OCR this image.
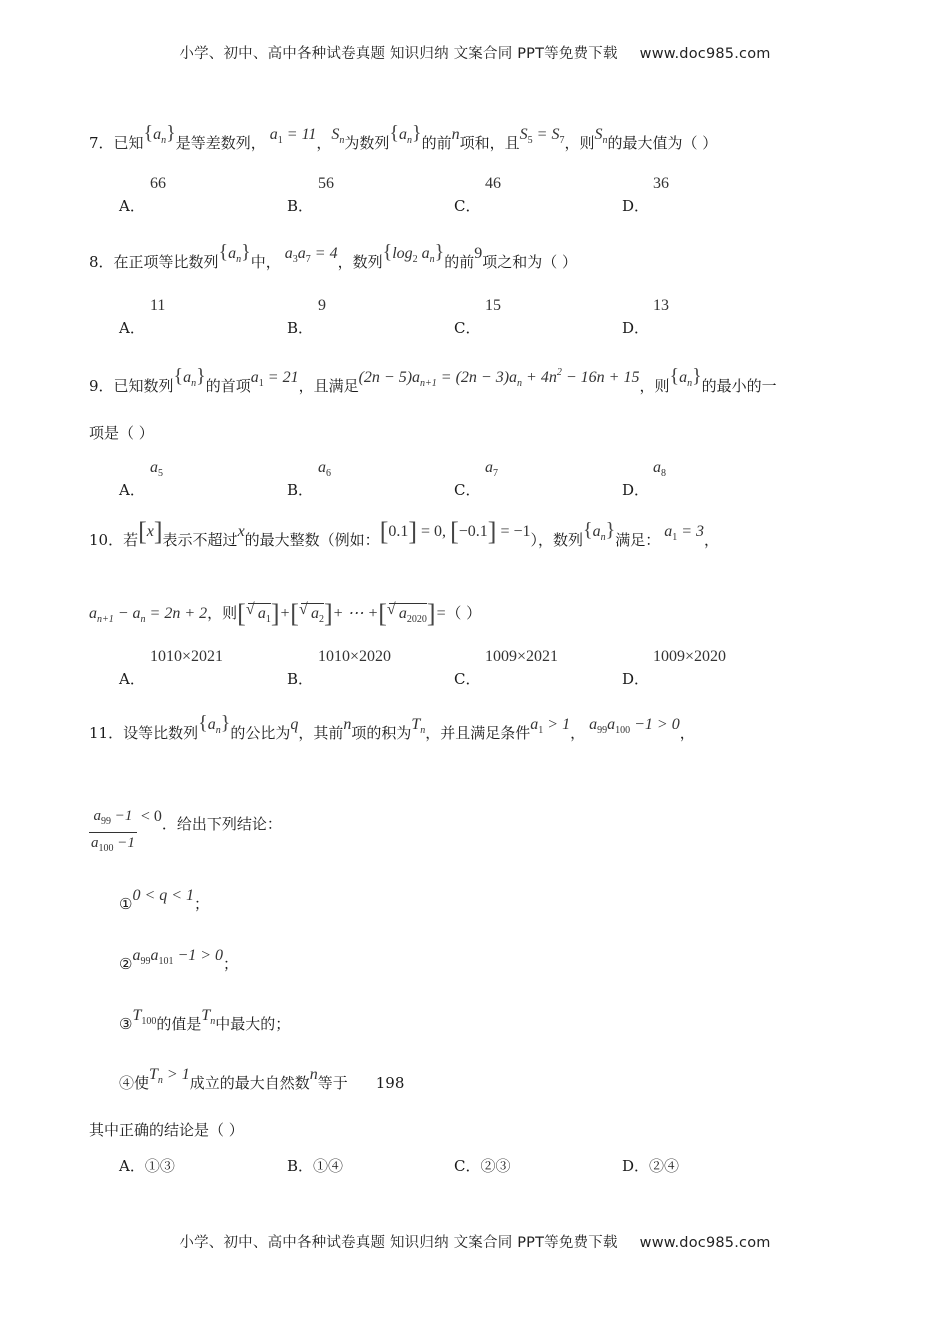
小学、初中、高中各种试卷真题 知识归纳 文案合同 PPT等免费下载 www.doc985.com
7．已知$\{a_n\}$是等差数列， $a_1 = 11$，$S_n$为数列$\{a_n\}$的前n项和，且$S_5 = S_7$，则$S_n$的最大值为（ ）
A．
66
B．
56
C．
46
D．
36
8．在正项等比数列$\{a_n\}$中， $a_3a_7 = 4$，数列{$\log_2$ $a_n$}的前9项之和为（ ）
A．
11
B．
9
C．
15
D．
13
9．已知数列$\{a_n\}$的首项$a_1 = 21$，且满足$(2n - 5)a_{n+1} = (2n - 3)a_n + 4n^2 - 16n + 15$，则$\{a_n\}$的最小的一
项是（ ）
A．
$a_5$
B．
$a_6$
C．
$a_7$
D．
$a_8$
10．若[x]表示不超过x的最大整数（例如：[0.1] = 0, [−0.1] = −1），数列$\{a_n\}$满足： $a_1 = 3$，
$a_{n+1} - a_n = 2n + 2$，则[√ $a_1]+[√$ $a_2]+$ ⋯ +[√ $a_{2020}]=$（ ）
A．
1010×2021
B．
1010×2020
C．
1009×2021
D．
1009×2020
11．设等比数列$\{a_n\}$的公比为q，其前n项的积为$T_n$，并且满足条件$a_1 > 1$， $a_{99}a_{100} -1 > 0$，
$\frac{a_{99} -1}{a_{100} -1} < 0$．给出下列结论：
①0 < q < 1；
$②a_{99}a_{101} -1 > 0$；
$③T_{100}$的值是$T_n$中最大的；
④使$T_n > 1$成立的最大自然数n等于 198
其中正确的结论是（ ）
A．①③	B．①④	C．②③	D．②④
小学、初中、高中各种试卷真题 知识归纳 文案合同 PPT等免费下载 www.doc985.com
